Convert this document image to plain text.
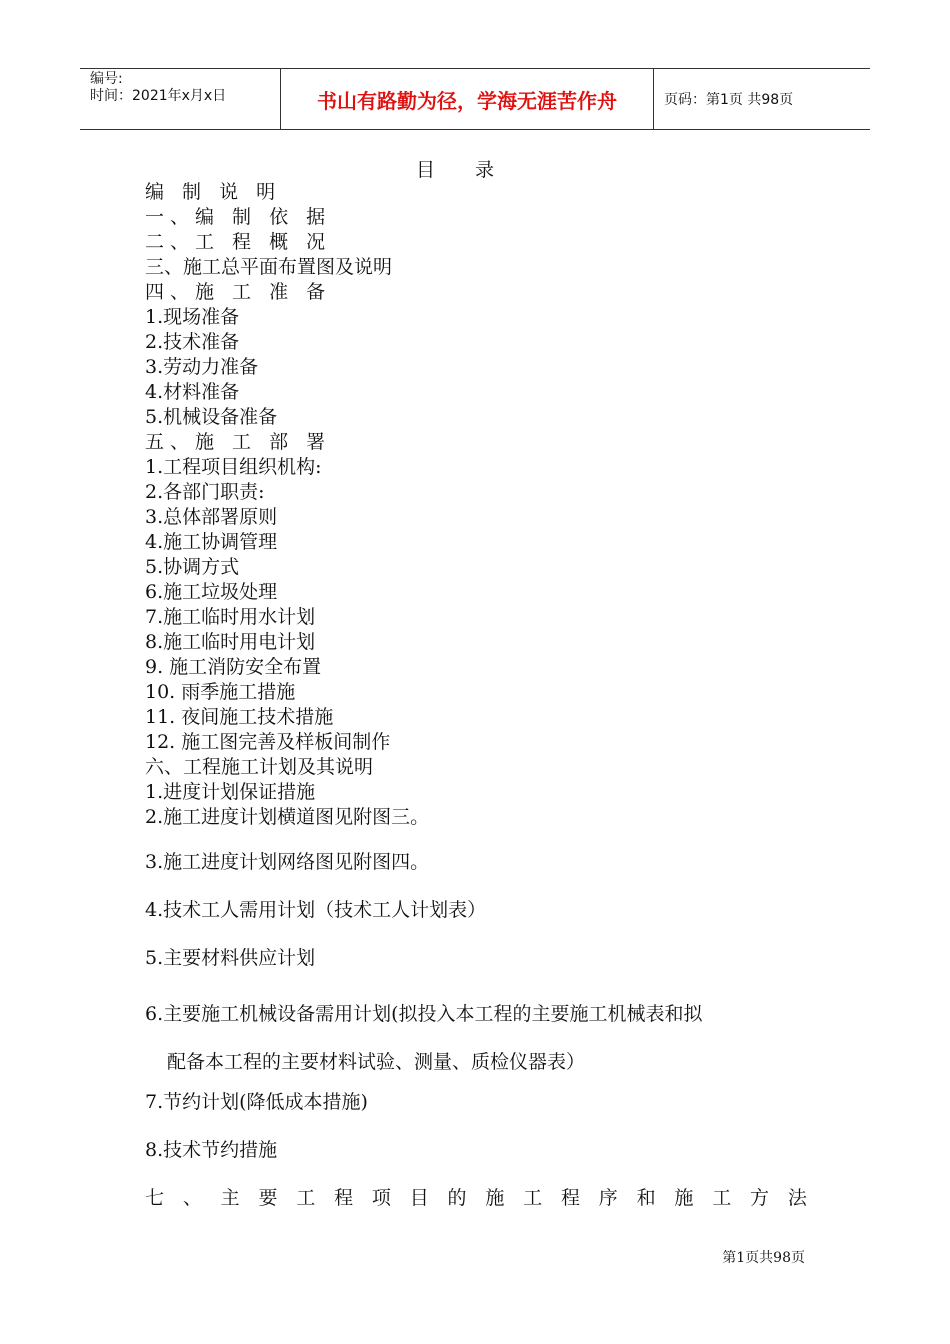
编号:
时间：2021年x月x日	书山有路勤为径，学海无涯苦作舟	页码：第1页 共98页
目录
编 制 说 明
一、编 制 依 据
二、工 程 概 况
三、施工总平面布置图及说明
四、施 工 准 备
1.现场准备
2.技术准备
3.劳动力准备
4.材料准备
5.机械设备准备
五、施 工 部 署
1.工程项目组织机构:
2.各部门职责:
3.总体部署原则
4.施工协调管理
5.协调方式
6.施工垃圾处理
7.施工临时用水计划
8.施工临时用电计划
9. 施工消防安全布置
10. 雨季施工措施
11. 夜间施工技术措施
12. 施工图完善及样板间制作
六、工程施工计划及其说明
1.进度计划保证措施
2.施工进度计划横道图见附图三。
3.施工进度计划网络图见附图四。
4.技术工人需用计划（技术工人计划表）
5.主要材料供应计划
6.主要施工机械设备需用计划(拟投入本工程的主要施工机械表和拟
配备本工程的主要材料试验、测量、质检仪器表）
7.节约计划(降低成本措施)
8.技术节约措施
七 、 主 要 工 程 项 目 的 施 工 程 序 和 施 工 方 法
第1页共98页
